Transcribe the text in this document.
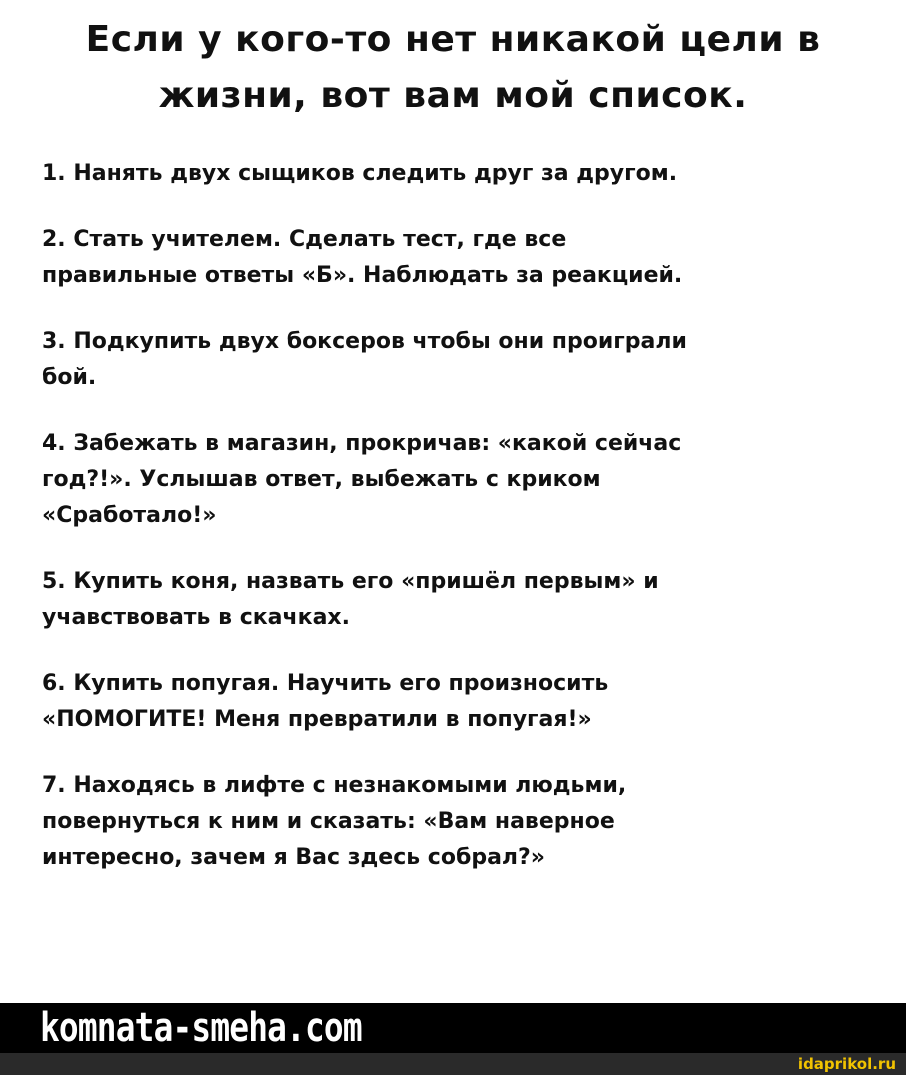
Если у кого-то нет никакой цели в
жизни, вот вам мой список.
1. Нанять двух сыщиков следить друг за другом.
2. Стать учителем. Сделать тест, где все
правильные ответы «Б». Наблюдать за реакцией.
3. Подкупить двух боксеров чтобы они проиграли
бой.
4. Забежать в магазин, прокричав: «какой сейчас
год?!». Услышав ответ, выбежать с криком
«Сработало!»
5. Купить коня, назвать его «пришёл первым» и
учавствовать в скачках.
6. Купить попугая. Научить его произносить
«ПОМОГИТЕ! Меня превратили в попугая!»
7. Находясь в лифте с незнакомыми людьми,
повернуться к ним и сказать: «Вам наверное
интересно, зачем я Вас здесь собрал?»
komnata-smeha.com
idaprikol.ru
